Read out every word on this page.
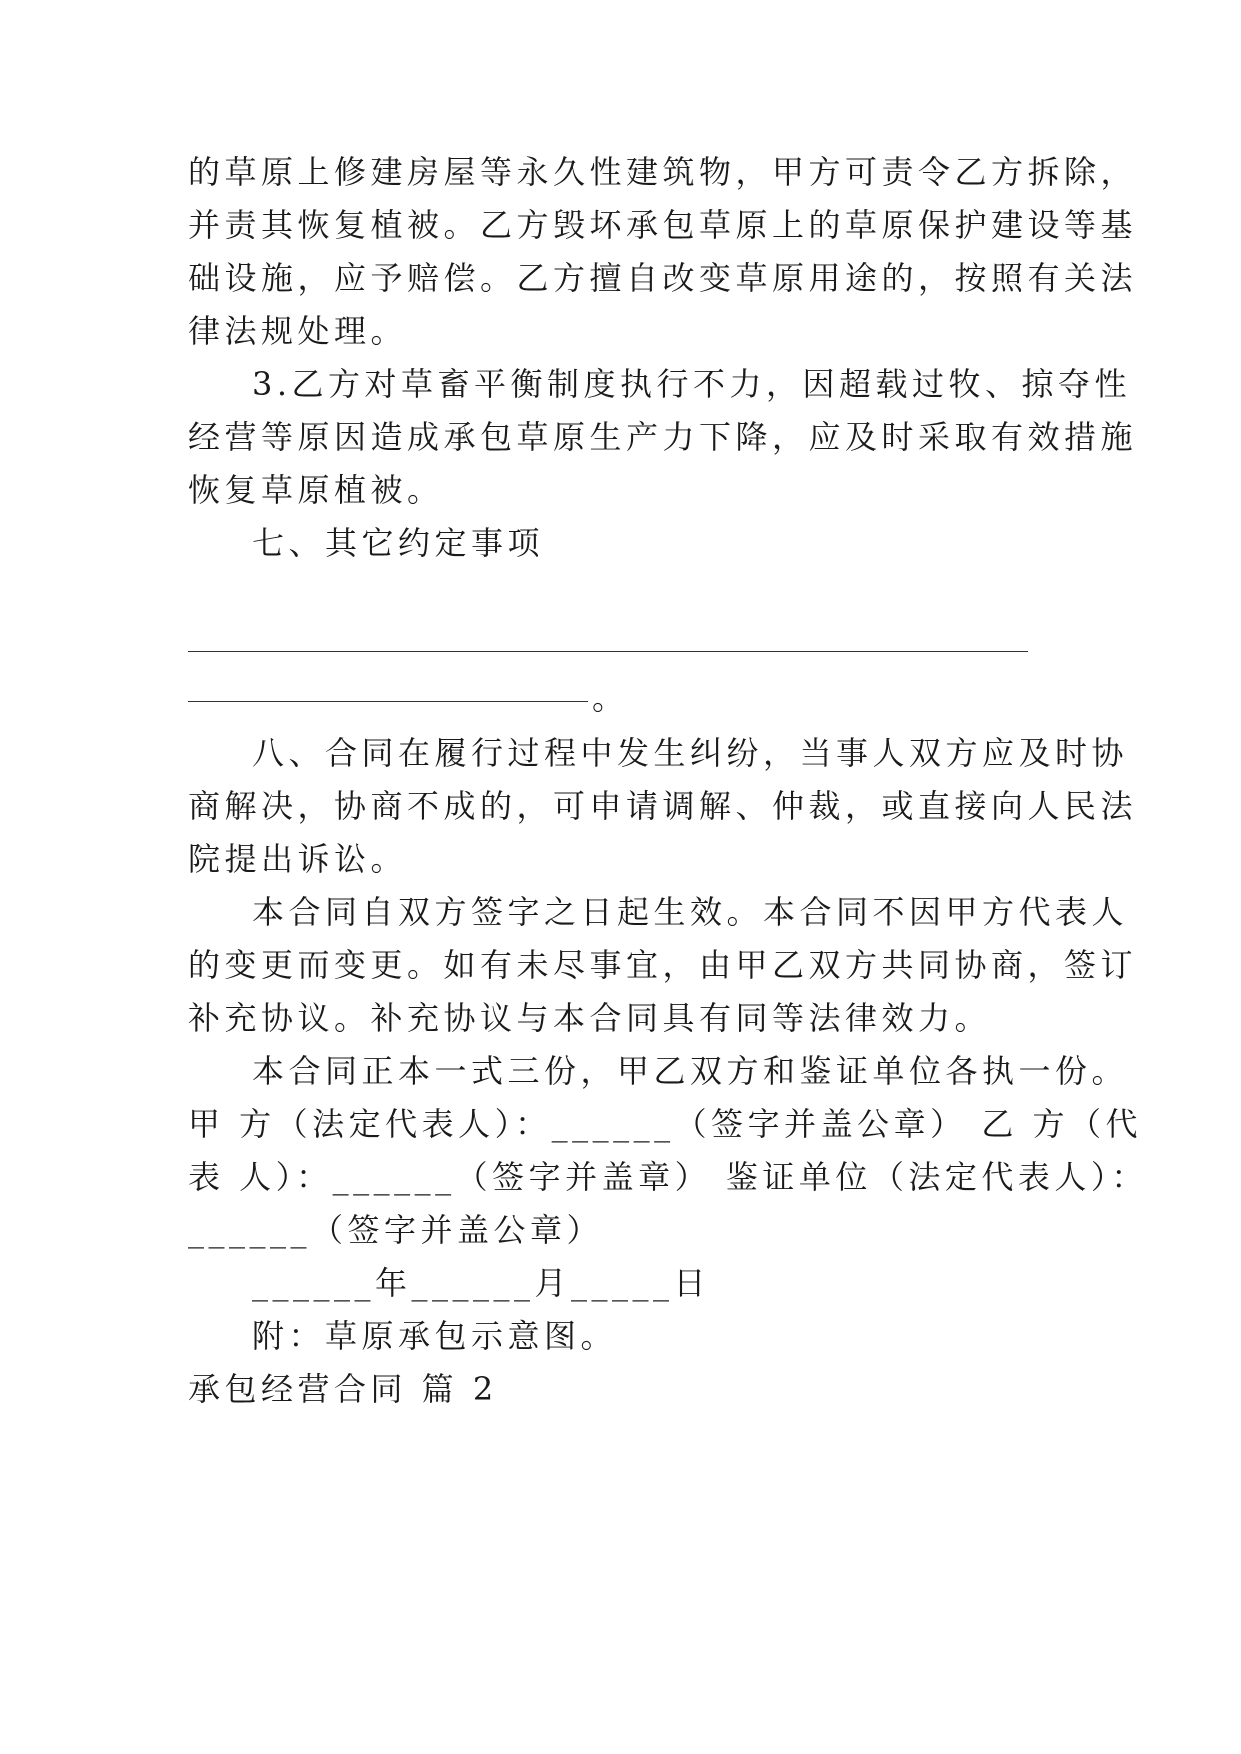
的草原上修建房屋等永久性建筑物，甲方可责令乙方拆除，
并责其恢复植被。乙方毁坏承包草原上的草原保护建设等基
础设施，应予赔偿。乙方擅自改变草原用途的，按照有关法
律法规处理。
3.乙方对草畜平衡制度执行不力，因超载过牧、掠夺性
经营等原因造成承包草原生产力下降，应及时采取有效措施
恢复草原植被。
七、其它约定事项
。
八、合同在履行过程中发生纠纷，当事人双方应及时协
商解决，协商不成的，可申请调解、仲裁，或直接向人民法
院提出诉讼。
本合同自双方签字之日起生效。本合同不因甲方代表人
的变更而变更。如有未尽事宜，由甲乙双方共同协商，签订
补充协议。补充协议与本合同具有同等法律效力。
本合同正本一式三份，甲乙双方和鉴证单位各执一份。
甲 方（法定代表人）：______（签字并盖公章） 乙 方（代
表 人）：______（签字并盖章） 鉴证单位（法定代表人）：
______（签字并盖公章）
______年______月_____日
附：草原承包示意图。
承包经营合同 篇 2
